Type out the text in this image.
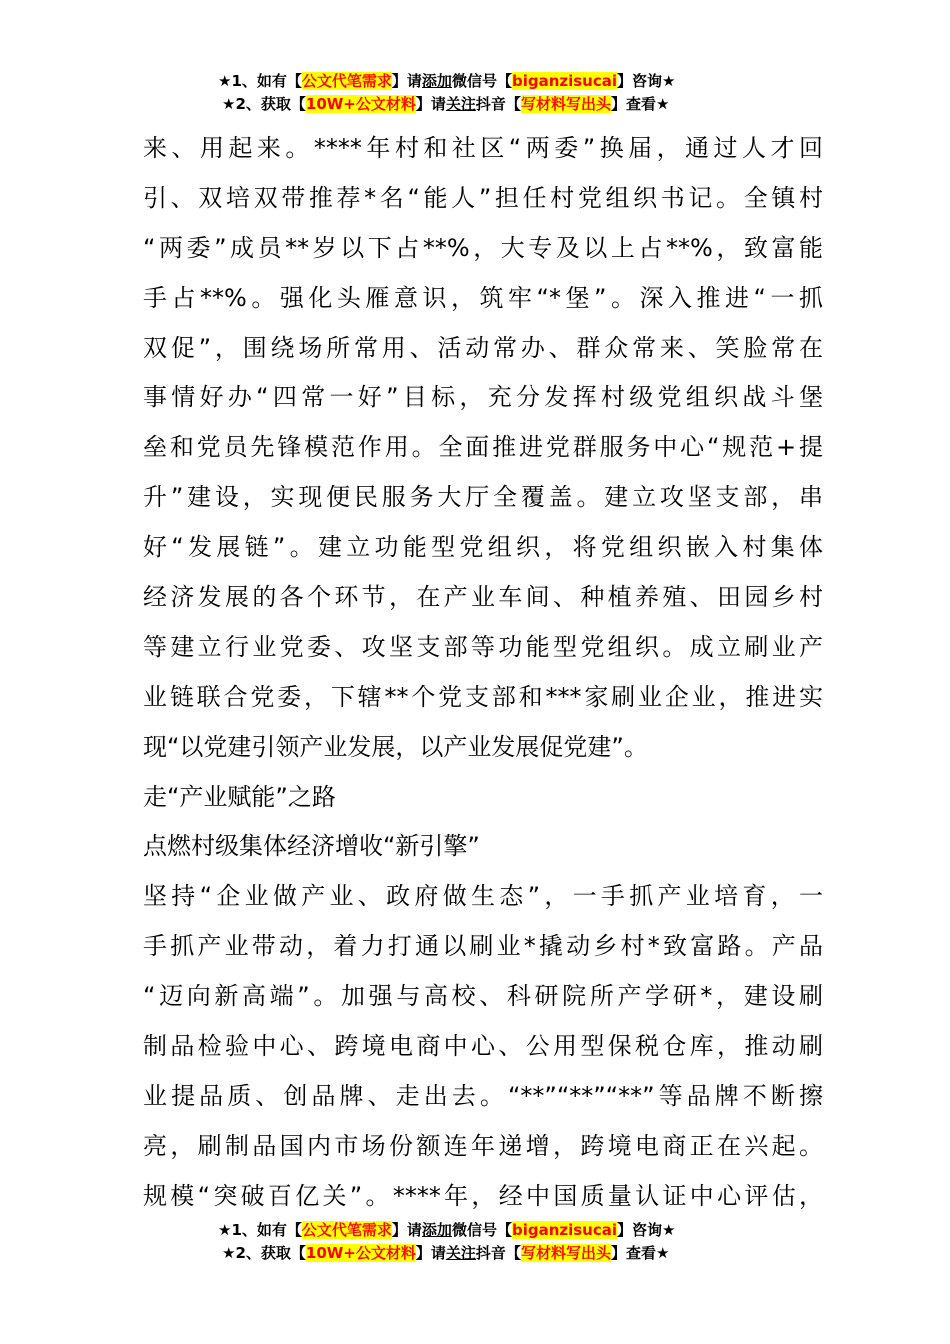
★1、如有【公文代笔需求】请添加微信号【biganzisucai】咨询★
★2、获取【10W+公文材料】请关注抖音【写材料写出头】查看★
来、用起来。****年村和社区“两委”换届，通过人才回
引、双培双带推荐*名“能人”担任村党组织书记。全镇村
“两委”成员**岁以下占**%，大专及以上占**%，致富能
手占**%。强化头雁意识，筑牢“*堡”。深入推进“一抓
双促”，围绕场所常用、活动常办、群众常来、笑脸常在
事情好办“四常一好”目标，充分发挥村级党组织战斗堡
垒和党员先锋模范作用。全面推进党群服务中心“规范+提
升”建设，实现便民服务大厅全覆盖。建立攻坚支部，串
好“发展链”。建立功能型党组织，将党组织嵌入村集体
经济发展的各个环节，在产业车间、种植养殖、田园乡村
等建立行业党委、攻坚支部等功能型党组织。成立刷业产
业链联合党委，下辖**个党支部和***家刷业企业，推进实
现“以党建引领产业发展，以产业发展促党建”。
走“产业赋能”之路
点燃村级集体经济增收“新引擎”
坚持“企业做产业、政府做生态”，一手抓产业培育，一
手抓产业带动，着力打通以刷业*撬动乡村*致富路。产品
“迈向新高端”。加强与高校、科研院所产学研*，建设刷
制品检验中心、跨境电商中心、公用型保税仓库，推动刷
业提品质、创品牌、走出去。“**”“**”“**”等品牌不断擦
亮，刷制品国内市场份额连年递增，跨境电商正在兴起。
规模“突破百亿关”。****年，经中国质量认证中心评估，
★1、如有【公文代笔需求】请添加微信号【biganzisucai】咨询★
★2、获取【10W+公文材料】请关注抖音【写材料写出头】查看★
